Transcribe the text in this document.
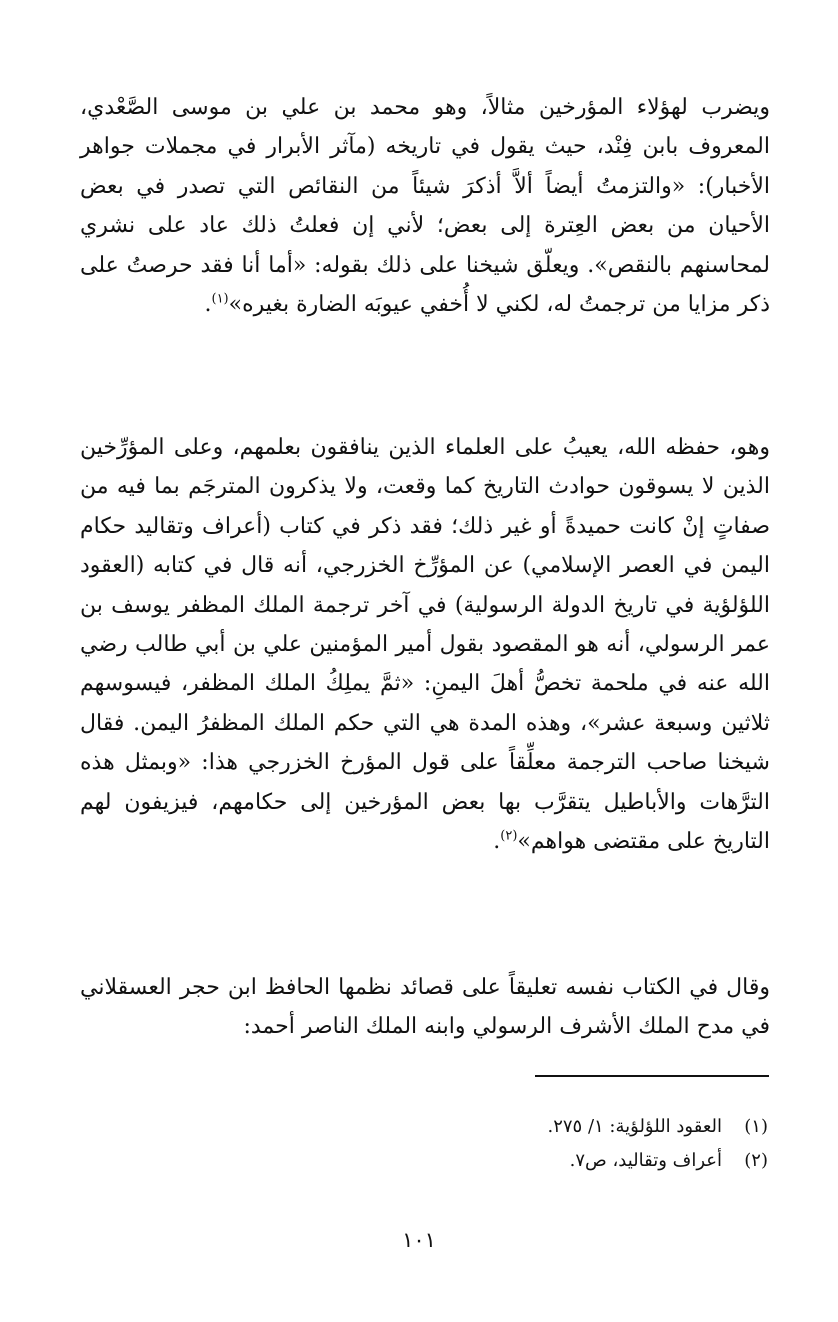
ويضرب لهؤلاء المؤرخين مثالاً، وهو محمد بن علي بن موسى الصَّعْدي، المعروف بابن فِنْد، حيث يقول في تاريخه (مآثر الأبرار في مجملات جواهر الأخبار): «والتزمتُ أيضاً ألاَّ أذكرَ شيئاً من النقائص التي تصدر في بعض الأحيان من بعض العِترة إلى بعض؛ لأني إن فعلتُ ذلك عاد على نشري لمحاسنهم بالنقص». ويعلّق شيخنا على ذلك بقوله: «أما أنا فقد حرصتُ على ذكر مزايا من ترجمتُ له، لكني لا أُخفي عيوبَه الضارة بغيره»$^{(١)}$.

وهو، حفظه الله، يعيبُ على العلماء الذين ينافقون بعلمهم، وعلى المؤرِّخين الذين لا يسوقون حوادث التاريخ كما وقعت، ولا يذكرون المترجَم بما فيه من صفاتٍ إنْ كانت حميدةً أو غير ذلك؛ فقد ذكر في كتاب (أعراف وتقاليد حكام اليمن في العصر الإسلامي) عن المؤرِّخ الخزرجي، أنه قال في كتابه (العقود اللؤلؤية في تاريخ الدولة الرسولية) في آخر ترجمة الملك المظفر يوسف بن عمر الرسولي، أنه هو المقصود بقول أمير المؤمنين علي بن أبي طالب رضي الله عنه في ملحمة تخصُّ أهلَ اليمنِ: «ثمَّ يملِكُ الملك المظفر، فيسوسهم ثلاثين وسبعة عشر»، وهذه المدة هي التي حكم الملك المظفرُ اليمن. فقال شيخنا صاحب الترجمة معلِّقاً على قول المؤرخ الخزرجي هذا: «وبمثل هذه الترَّهات والأباطيل يتقرَّب بها بعض المؤرخين إلى حكامهم، فيزيفون لهم التاريخ على مقتضى هواهم»$^{(٢)}$.

وقال في الكتاب نفسه تعليقاً على قصائد نظمها الحافظ ابن حجر العسقلاني في مدح الملك الأشرف الرسولي وابنه الملك الناصر أحمد:

(١)
العقود اللؤلؤية: ١/ ٢٧٥.
(٢)
أعراف وتقاليد، ص٧.
١٠١
